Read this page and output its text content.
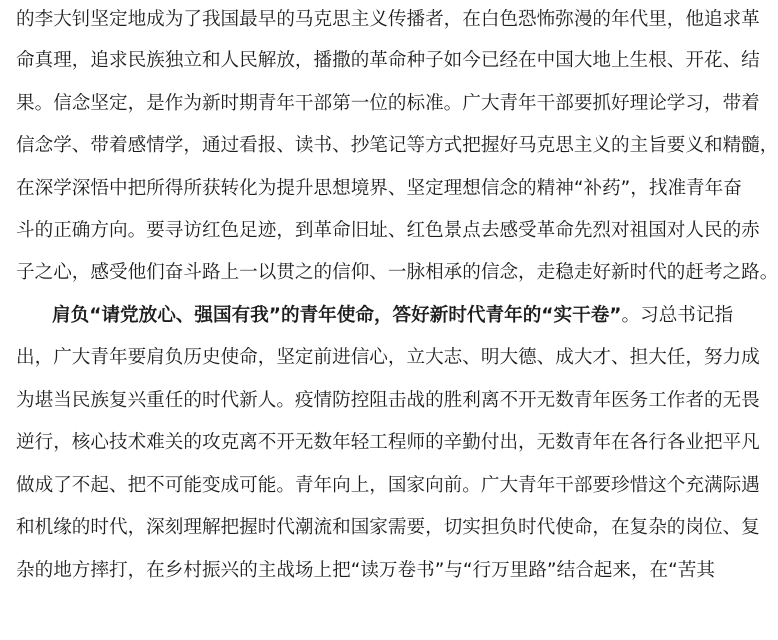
的李大钊坚定地成为了我国最早的马克思主义传播者，在白色恐怖弥漫的年代里，他追求革
命真理，追求民族独立和人民解放，播撒的革命种子如今已经在中国大地上生根、开花、结
果。信念坚定，是作为新时期青年干部第一位的标准。广大青年干部要抓好理论学习，带着
信念学、带着感情学，通过看报、读书、抄笔记等方式把握好马克思主义的主旨要义和精髓，
在深学深悟中把所得所获转化为提升思想境界、坚定理想信念的精神“补药”，找准青年奋
斗的正确方向。要寻访红色足迹，到革命旧址、红色景点去感受革命先烈对祖国对人民的赤
子之心，感受他们奋斗路上一以贯之的信仰、一脉相承的信念，走稳走好新时代的赶考之路。
肩负“请党放心、强国有我”的青年使命，答好新时代青年的“实干卷”。习总书记指
出，广大青年要肩负历史使命，坚定前进信心，立大志、明大德、成大才、担大任，努力成
为堪当民族复兴重任的时代新人。疫情防控阻击战的胜利离不开无数青年医务工作者的无畏
逆行，核心技术难关的攻克离不开无数年轻工程师的辛勤付出，无数青年在各行各业把平凡
做成了不起、把不可能变成可能。青年向上，国家向前。广大青年干部要珍惜这个充满际遇
和机缘的时代，深刻理解把握时代潮流和国家需要，切实担负时代使命，在复杂的岗位、复
杂的地方摔打，在乡村振兴的主战场上把“读万卷书”与“行万里路”结合起来，在“苦其
